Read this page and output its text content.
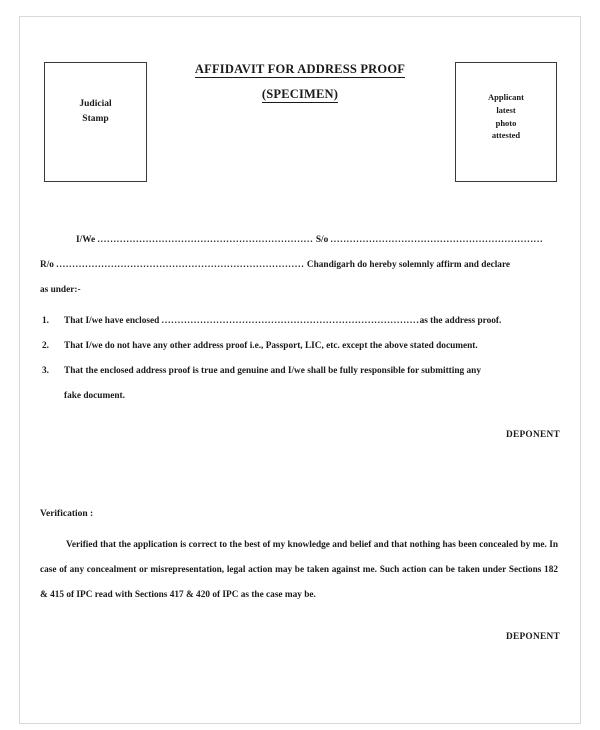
Judicial
Stamp
Applicant
latest
photo
attested
AFFIDAVIT FOR ADDRESS PROOF
(SPECIMEN)
I/We ................................................................... S/o ..................................................................
R/o ............................................................................. Chandigarh do hereby solemnly affirm and declare
as under:-
1. That I/we have enclosed ................................................................................as the address proof.
2. That I/we do not have any other address proof i.e., Passport, LIC, etc. except the above stated document.
3. That the enclosed address proof is true and genuine and I/we shall be fully responsible for submitting any
fake document.
DEPONENT
Verification :

Verified that the application is correct to the best of my knowledge and belief and that nothing has been concealed by me. In case of any concealment or misrepresentation, legal action may be taken against me. Such action can be taken under Sections 182 & 415 of IPC read with Sections 417 & 420 of IPC as the case may be.

DEPONENT
